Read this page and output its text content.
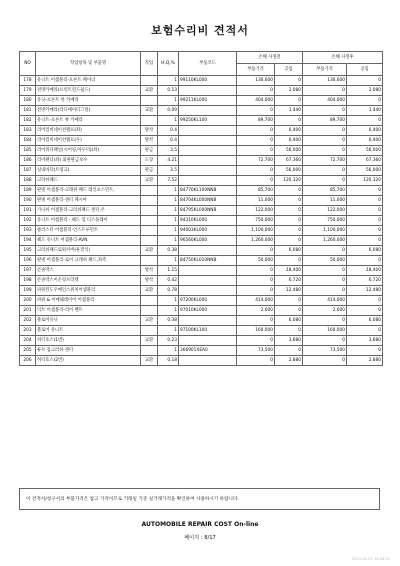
보험수리비 견적서
NO	작업항목 및 부품명	작업	H,Q,%	부품코드	손해 사정전		손해 사정후	
					부품가격	공임	부품가격	공임
178	유니트 어셈블리-프론트 페이더		1	99110KL000	130,600	0	130,600	0
179	전방카메라(프런트윈드쉴드)	교환	0.13		0	2,080	0	2,080
180	유닛-프론트 뷰 카메라		1	99211KL000	404,000	0	404,000	0
181	전방카메라(라디에이터그릴)	교환	0.09		0	1,440	0	1,440
182	유니트-프론트 뷰 카메라		1	99250KL100	89,700	0	89,700	0
183	리어컴비네이션램프(좌)	탈착	0.4		0	6,400	0	6,400
184	리어컴비네이션램프(우)	탈착	0.4		0	6,400	0	6,400
185	리어쿼터패널(시어링,아우터)(좌)	판금	3.5		0	56,000	0	56,000
186	리어펜더(좌) 외판판금보수	도장	4.21		72,700	67,360	72,700	67,360
187	실내바닥(트렁크)	판금	3.5		0	56,000	0	56,000
188	크라쉬패드	교환	7.52		0	120,320	0	120,320
189	판넬 어셈블리-크래쉬 패드 레인포스먼트,		1	84770KL100NNB	85,700	0	85,700	0
190	판넬 어셈블리-센터 페시아		1	84704KL000NNB	11,000	0	11,000	0
191	가니쉬 어셈블리-크러쉬패드 센터,우		1	84795KL000NNB	122,000	0	122,000	0
192	유니트 어셈블리 - 헤드 업 디스플레이		1	94310KL000	750,000	0	750,000	0
193	클러스터 어셈블리-인스트루먼트		1	94003KL000	1,100,000	0	1,100,000	0
194	헤드 유니트 어셈블리-AVN		1	96560KL000	1,260,000	0	1,260,000	0
195	크러쉬패드로워커버(운전석)	교환	0.38		0	6,080	0	6,080
196	판넬 어셈블리-로어 크래쉬 패드,좌측		1	84750KL010NNB	50,000	0	50,000	0
197	콘솔박스	탈착	1.15		0	18,400	0	18,400
198	콘솔박스이온링브라켓	탈착	0.42		0	6,720	0	6,720
199	파워윈도우메인스위치어셈블리	교환	0.78		0	12,480	0	12,480
200	파워 & 이메쉐레이어 어셈블리		1	97200KL000	414,000	0	414,000	0
201	덕트 어셈블리-리어 벤트		1	97010KL000	2,600	0	2,600	0
202	블로어유닛	교환	0.38		0	6,080	0	6,080
203	블로어 유니트		1	97100KL100	160,000	0	160,000	0
204	히터호스(1번)	교환	0.23		0	3,680	0	3,680
205	튜브 집크러쉬-센터		1	366901XEA0	73,500	0	73,500	0
206	히터호스(2번)	교환	0.18		0	2,880	0	2,880
이 견적서/청구서의 부품가격은 참고 가격이므로 거래일 기준 실거래가격을 확인하여 사용하시기 바랍니다.
AUTOMOBILE REPAIR COST On-line
페이지 : 8/17
2024-05-07 14:58:33
